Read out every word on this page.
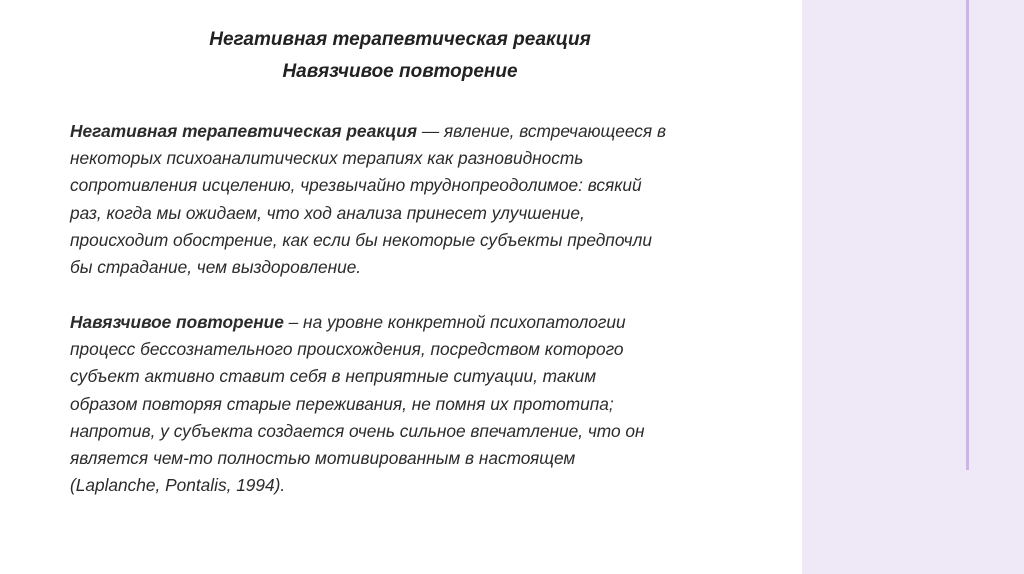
Негативная терапевтическая реакция
Навязчивое повторение
Негативная терапевтическая реакция — явление, встречающееся в
некоторых психоаналитических терапиях как разновидность
сопротивления исцелению, чрезвычайно труднопреодолимое: всякий
раз, когда мы ожидаем, что ход анализа принесет улучшение,
происходит обострение, как если бы некоторые субъекты предпочли
бы страдание, чем выздоровление.
Навязчивое повторение – на уровне конкретной психопатологии
процесс бессознательного происхождения, посредством которого
субъект активно ставит себя в неприятные ситуации, таким
образом повторяя старые переживания, не помня их прототипа;
напротив, у субъекта создается очень сильное впечатление, что он
является чем-то полностью мотивированным в настоящем
(Laplanche, Pontalis, 1994).
